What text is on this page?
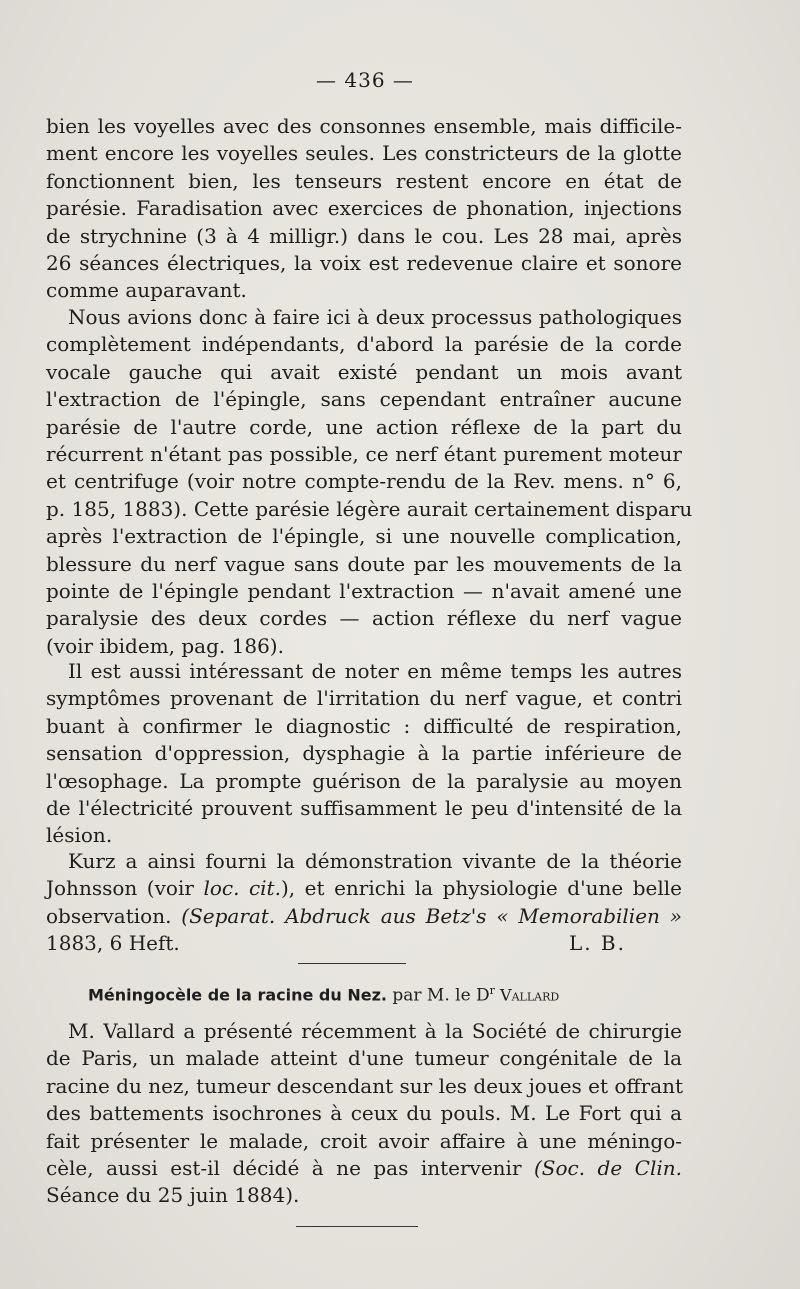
— 436 —
bien les voyelles avec des consonnes ensemble, mais difficile-
ment encore les voyelles seules. Les constricteurs de la glotte
fonctionnent bien, les tenseurs restent encore en état de
parésie. Faradisation avec exercices de phonation, injections
de strychnine (3 à 4 milligr.) dans le cou. Les 28 mai, après
26 séances électriques, la voix est redevenue claire et sonore
comme auparavant.
Nous avions donc à faire ici à deux processus pathologiques
complètement indépendants, d'abord la parésie de la corde
vocale gauche qui avait existé pendant un mois avant
l'extraction de l'épingle, sans cependant entraîner aucune
parésie de l'autre corde, une action réflexe de la part du
récurrent n'étant pas possible, ce nerf étant purement moteur
et centrifuge (voir notre compte-rendu de la Rev. mens. n° 6,
p. 185, 1883). Cette parésie légère aurait certainement disparu
après l'extraction de l'épingle, si une nouvelle complication,
blessure du nerf vague sans doute par les mouvements de la
pointe de l'épingle pendant l'extraction — n'avait amené une
paralysie des deux cordes — action réflexe du nerf vague
(voir ibidem, pag. 186).
Il est aussi intéressant de noter en même temps les autres
symptômes provenant de l'irritation du nerf vague, et contri
buant à confirmer le diagnostic : difficulté de respiration,
sensation d'oppression, dysphagie à la partie inférieure de
l'œsophage. La prompte guérison de la paralysie au moyen
de l'électricité prouvent suffisamment le peu d'intensité de la
lésion.
Kurz a ainsi fourni la démonstration vivante de la théorie
Johnsson (voir loc. cit.), et enrichi la physiologie d'une belle
observation. (Separat. Abdruck aus Betz's « Memorabilien »
1883, 6 Heft.	L. B.
Méningocèle de la racine du Nez. par M. le $D^r$ Vallard
M. Vallard a présenté récemment à la Société de chirurgie
de Paris, un malade atteint d'une tumeur congénitale de la
racine du nez, tumeur descendant sur les deux joues et offrant
des battements isochrones à ceux du pouls. M. Le Fort qui a
fait présenter le malade, croit avoir affaire à une méningo-
cèle, aussi est-il décidé à ne pas intervenir (Soc. de Clin.
Séance du 25 juin 1884).
